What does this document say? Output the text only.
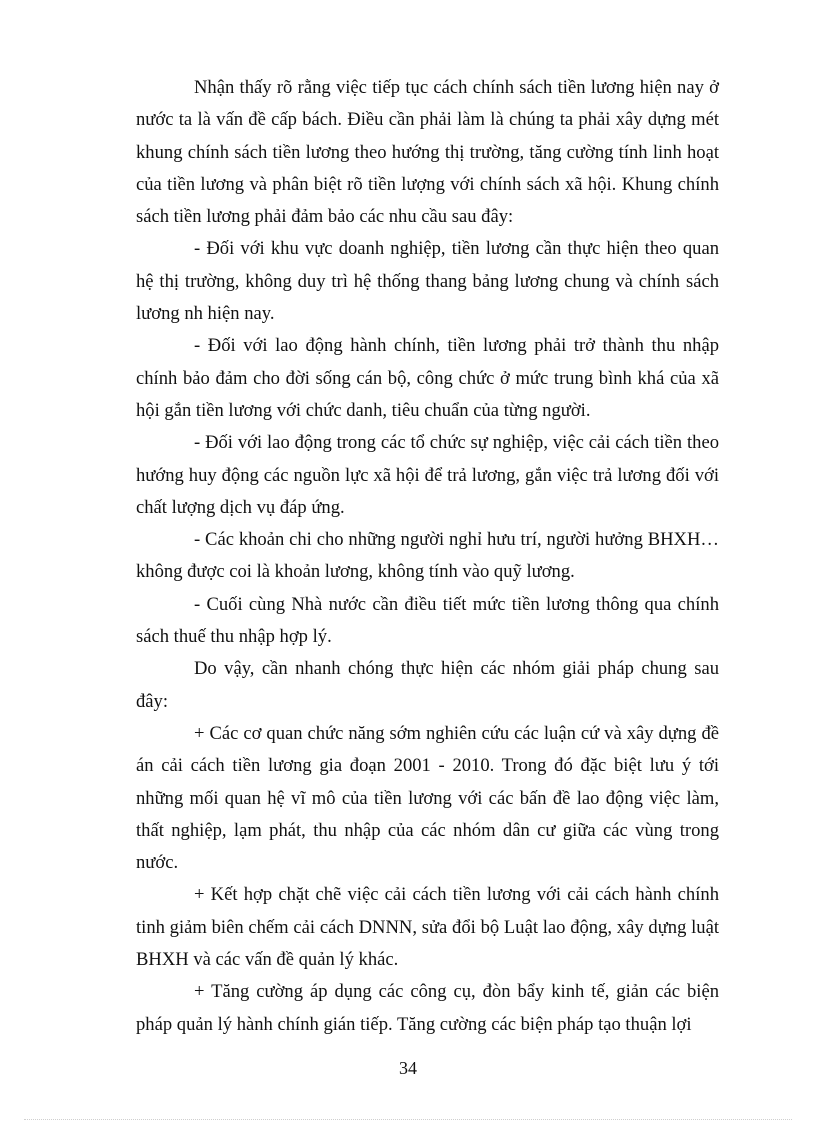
Nhận thấy rõ rằng việc tiếp tục cách chính sách tiền lương hiện nay ở nước ta là vấn đề cấp bách. Điều cần phải làm là chúng ta phải xây dựng mét khung chính sách tiền lương theo hướng thị trường, tăng cường tính linh hoạt của tiền lương và phân biệt rõ tiền lượng với chính sách xã hội. Khung chính sách tiền lương phải đảm bảo các nhu cầu sau đây:

- Đối với khu vực doanh nghiệp, tiền lương cần thực hiện theo quan hệ thị trường, không duy trì hệ thống thang bảng lương chung và chính sách lương nh hiện nay.

- Đối với lao động hành chính, tiền lương phải trở thành thu nhập chính bảo đảm cho đời sống cán bộ, công chức ở mức trung bình khá của xã hội gắn tiền lương với chức danh, tiêu chuẩn của từng người.

- Đối với lao động trong các tổ chức sự nghiệp, việc cải cách tiền theo hướng huy động các nguồn lực xã hội để trả lương, gắn việc trả lương đối với chất lượng dịch vụ đáp ứng.

- Các khoản chi cho những người nghỉ hưu trí, người hưởng BHXH… không được coi là khoản lương, không tính vào quỹ lương.

- Cuối cùng Nhà nước cần điều tiết mức tiền lương thông qua chính sách thuế thu nhập hợp lý.

Do vậy, cần nhanh chóng thực hiện các nhóm giải pháp chung sau đây:

+ Các cơ quan chức năng sớm nghiên cứu các luận cứ và xây dựng đề án cải cách tiền lương gia đoạn 2001 - 2010. Trong đó đặc biệt lưu ý tới những mối quan hệ vĩ mô của tiền lương với các bấn đề lao động việc làm, thất nghiệp, lạm phát, thu nhập của các nhóm dân cư giữa các vùng trong nước.

+ Kết hợp chặt chẽ việc cải cách tiền lương với cải cách hành chính tinh giảm biên chếm cải cách DNNN, sửa đổi bộ Luật lao động, xây dựng luật BHXH và các vấn đề quản lý khác.

+ Tăng cường áp dụng các công cụ, đòn bẩy kinh tế, giản các biện pháp quản lý hành chính gián tiếp. Tăng cường các biện pháp tạo thuận lợi

34
